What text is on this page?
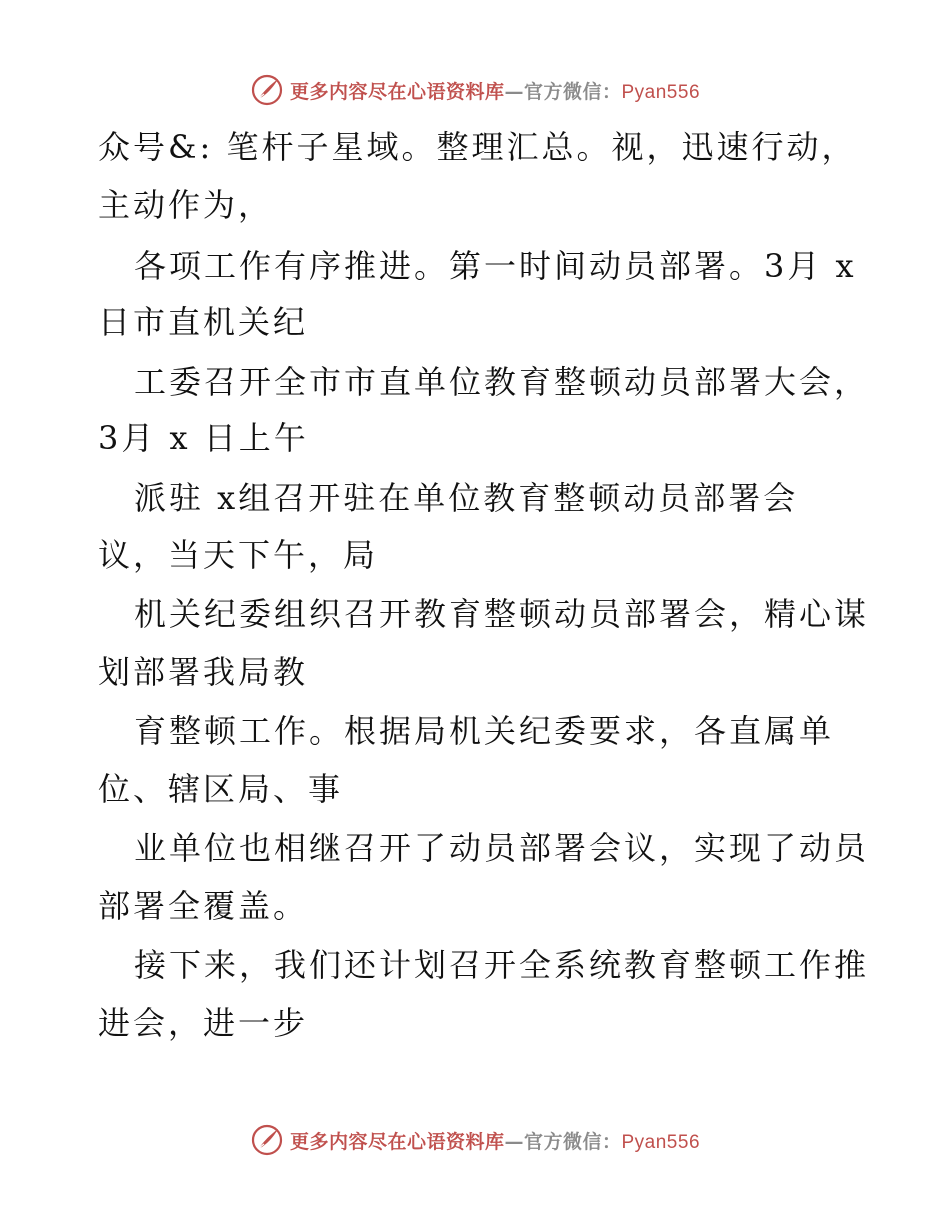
更多内容尽在心语资料库—官方微信：Pyan556
众号&: 笔杆子星域。整理汇总。视，迅速行动，
主动作为，
各项工作有序推进。第一时间动员部署。3月 x
日市直机关纪
工委召开全市市直单位教育整顿动员部署大会，
3月 x 日上午
派驻 x组召开驻在单位教育整顿动员部署会
议，当天下午，局
机关纪委组织召开教育整顿动员部署会，精心谋
划部署我局教
育整顿工作。根据局机关纪委要求，各直属单
位、辖区局、事
业单位也相继召开了动员部署会议，实现了动员
部署全覆盖。
接下来，我们还计划召开全系统教育整顿工作推
进会，进一步
更多内容尽在心语资料库—官方微信：Pyan556
